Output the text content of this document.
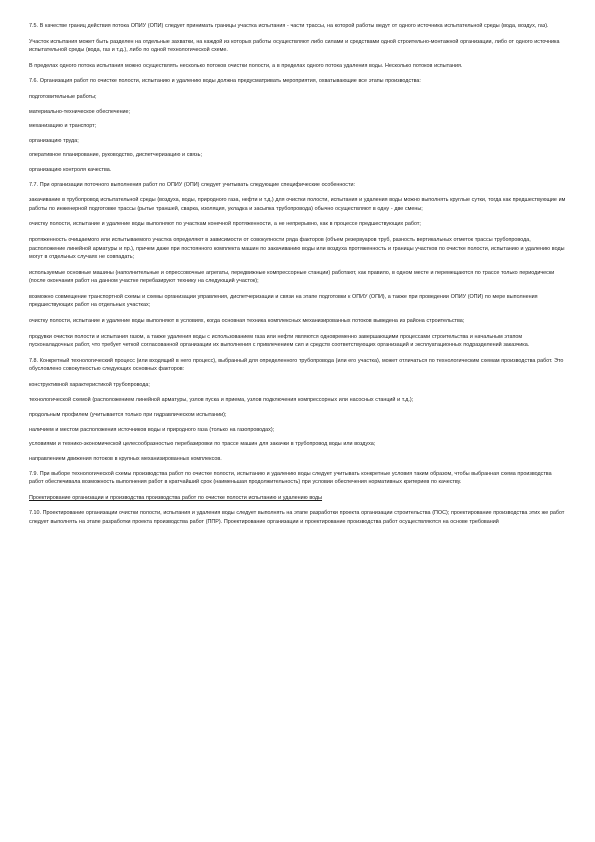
7.5. В качестве границ действия потока ОПИУ (ОПИ) следует принимать границы участка испытания - части трассы, на которой работы ведут от одного источника испытательной среды (вода, воздух, газ).

Участок испытания может быть разделен на отдельные захватки, на каждой из которых работы осуществляют либо силами и средствами одной строительно-монтажной организации, либо от одного источника испытательной среды (вода, газ и т.д.), либо по одной технологической схеме.

В пределах одного потока испытания можно осуществлять несколько потоков очистки полости, а в пределах одного потока удаления воды. Несколько потоков испытания.

7.6. Организация работ по очистке полости, испытанию и удалению воды должна предусматривать мероприятия, охватывающие все этапы производства:

подготовительные работы;

материально-техническое обеспечение;

механизацию и транспорт;

организацию труда;

оперативное планирование, руководство, диспетчеризацию и связь;

организацию контроля качества.

7.7. При организации поточного выполнения работ по ОПИУ (ОПИ) следует учитывать следующие специфические особенности:

закачивание в трубопровод испытательной среды (воздуха, воды, природного газа, нефти и т.д.) для очистки полости, испытания и удаления воды можно выполнять круглые сутки, тогда как предшествующие им работы по инженерной подготовке трассы (рытье траншей, сварка, изоляция, укладка и засыпка трубопровода) обычно осуществляют в одну - две смены;

очистку полости, испытание и удаление воды выполняют по участкам конечной протяженности, а не непрерывно, как в процессе предшествующих работ;

протяженность очищаемого или испытываемого участка определяют в зависимости от совокупности ряда факторов (объем резервуаров труб, разность вертикальных отметок трассы трубопровода, расположение линейной арматуры и пр.), причем даже при постоянного комплекта машин по закачиванию воды или воздуха протяженность и границы участков по очистке полости, испытанию и удалению воды могут в отдельных случаях не совпадать;

используемые основные машины (наполнительные и опрессовочные агрегаты, передвижные компрессорные станции) работают, как правило, в одном месте и перемещаются по трассе только периодически (после окончания работ на данном участке перебазируют технику на следующий участок);

возможно совмещение транспортной схемы и схемы организации управления, диспетчеризации и связи на этапе подготовки к ОПИУ (ОПИ), а также при проведении ОПИУ (ОПИ) по мере выполнения предшествующих работ на отдельных участках;

очистку полости, испытание и удаление воды выполняют в условиях, когда основная техника комплексных механизированных потоков выведена из района строительства;

продувки очистки полости и испытания газом, а также удаления воды с использованием газа или нефти являются одновременно завершающими процессами строительства и начальным этапом пусконаладочных работ, что требует четкой согласованной организации их выполнения с привлечением сил и средств соответствующих организаций и эксплуатационных подразделений заказчика.

7.8. Конкретный технологический процесс (или входящий в него процесс), выбранный для определенного трубопровода (или его участка), может отличаться по технологическим схемам производства работ. Это обусловлено совокупностью следующих основных факторов:

конструктивной характеристикой трубопровода;

технологической схемой (расположением линейной арматуры, узлов пуска и приема, узлов подключения компрессорных или насосных станций и т.д.);

продольным профилем (учитывается только при гидравлическом испытании);

наличием и местом расположения источников воды и природного газа (только на газопроводах);

условиями и технико-экономической целесообразностью перебазировки по трассе машин для закачки в трубопровод воды или воздуха;

направлением движения потоков в крупных механизированных комплексов.

7.9. При выборе технологической схемы производства работ по очистке полости, испытанию и удалению воды следует учитывать конкретные условия таким образом, чтобы выбранная схема производства работ обеспечивала возможность выполнения работ в кратчайший срок (наименьшая продолжительность) при условии обеспечения нормативных критериев по качеству.

Проектирование организации и производства производства работ по очистке полости испытанию и удалению воды

7.10. Проектирование организации очистки полости, испытания и удаления воды следует выполнять на этапе разработки проекта организации строительства (ПОС); проектирование производства этих же работ следует выполнять на этапе разработки проекта производства работ (ППР). Проектирование организации и проектирование производства работ осуществляются на основе требований
